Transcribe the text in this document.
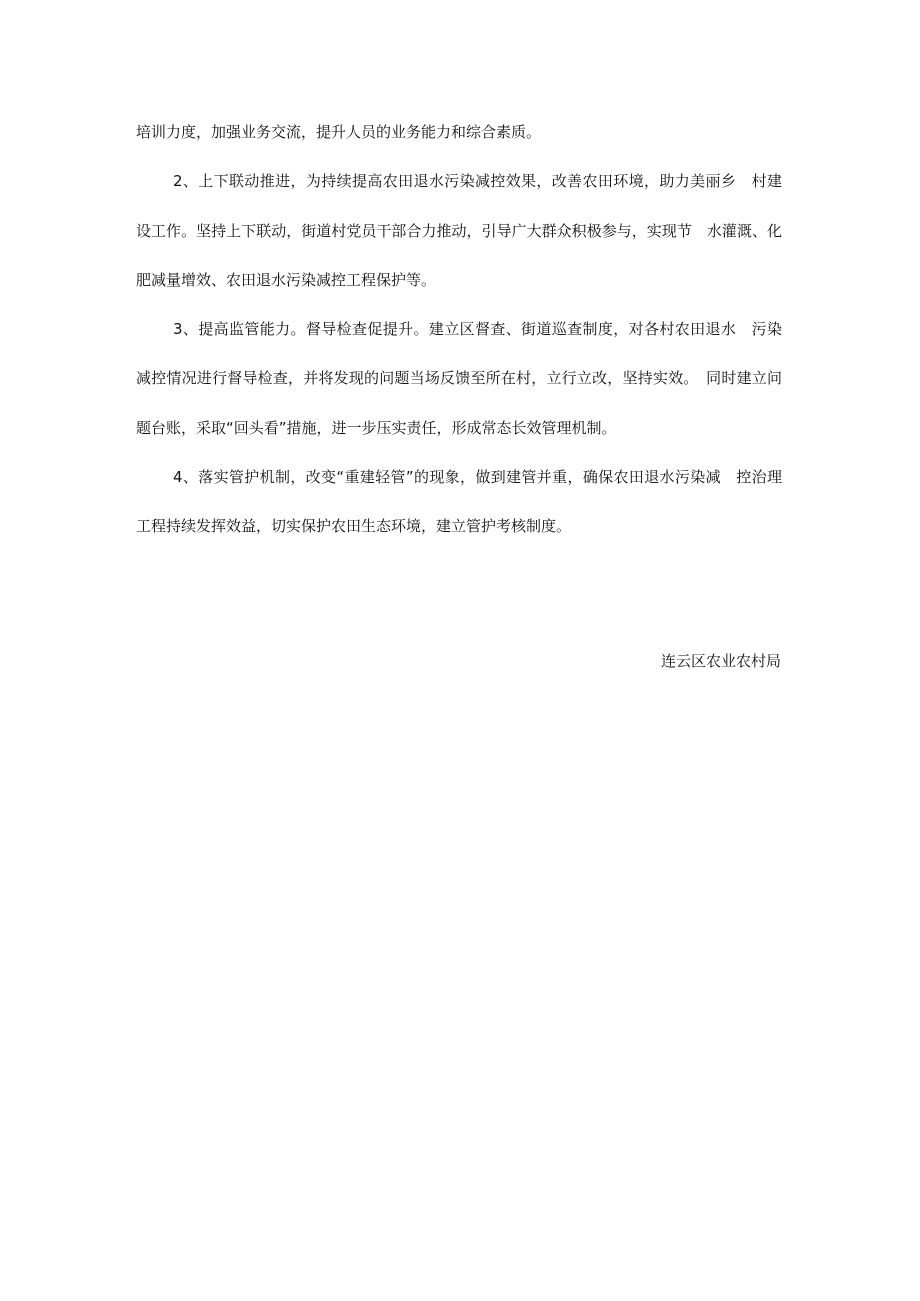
培训力度，加强业务交流，提升人员的业务能力和综合素质。

2、上下联动推进，为持续提高农田退水污染减控效果，改善农田环境，助力美丽乡　村建设工作。坚持上下联动，街道村党员干部合力推动，引导广大群众积极参与，实现节　水灌溉、化肥减量增效、农田退水污染减控工程保护等。

3、提高监管能力。督导检查促提升。建立区督查、街道巡查制度，对各村农田退水　污染减控情况进行督导检查，并将发现的问题当场反馈至所在村，立行立改，坚持实效。　同时建立问题台账，采取“回头看”措施，进一步压实责任，形成常态长效管理机制。

4、落实管护机制，改变“重建轻管”的现象，做到建管并重，确保农田退水污染减　控治理工程持续发挥效益，切实保护农田生态环境，建立管护考核制度。

连云区农业农村局
